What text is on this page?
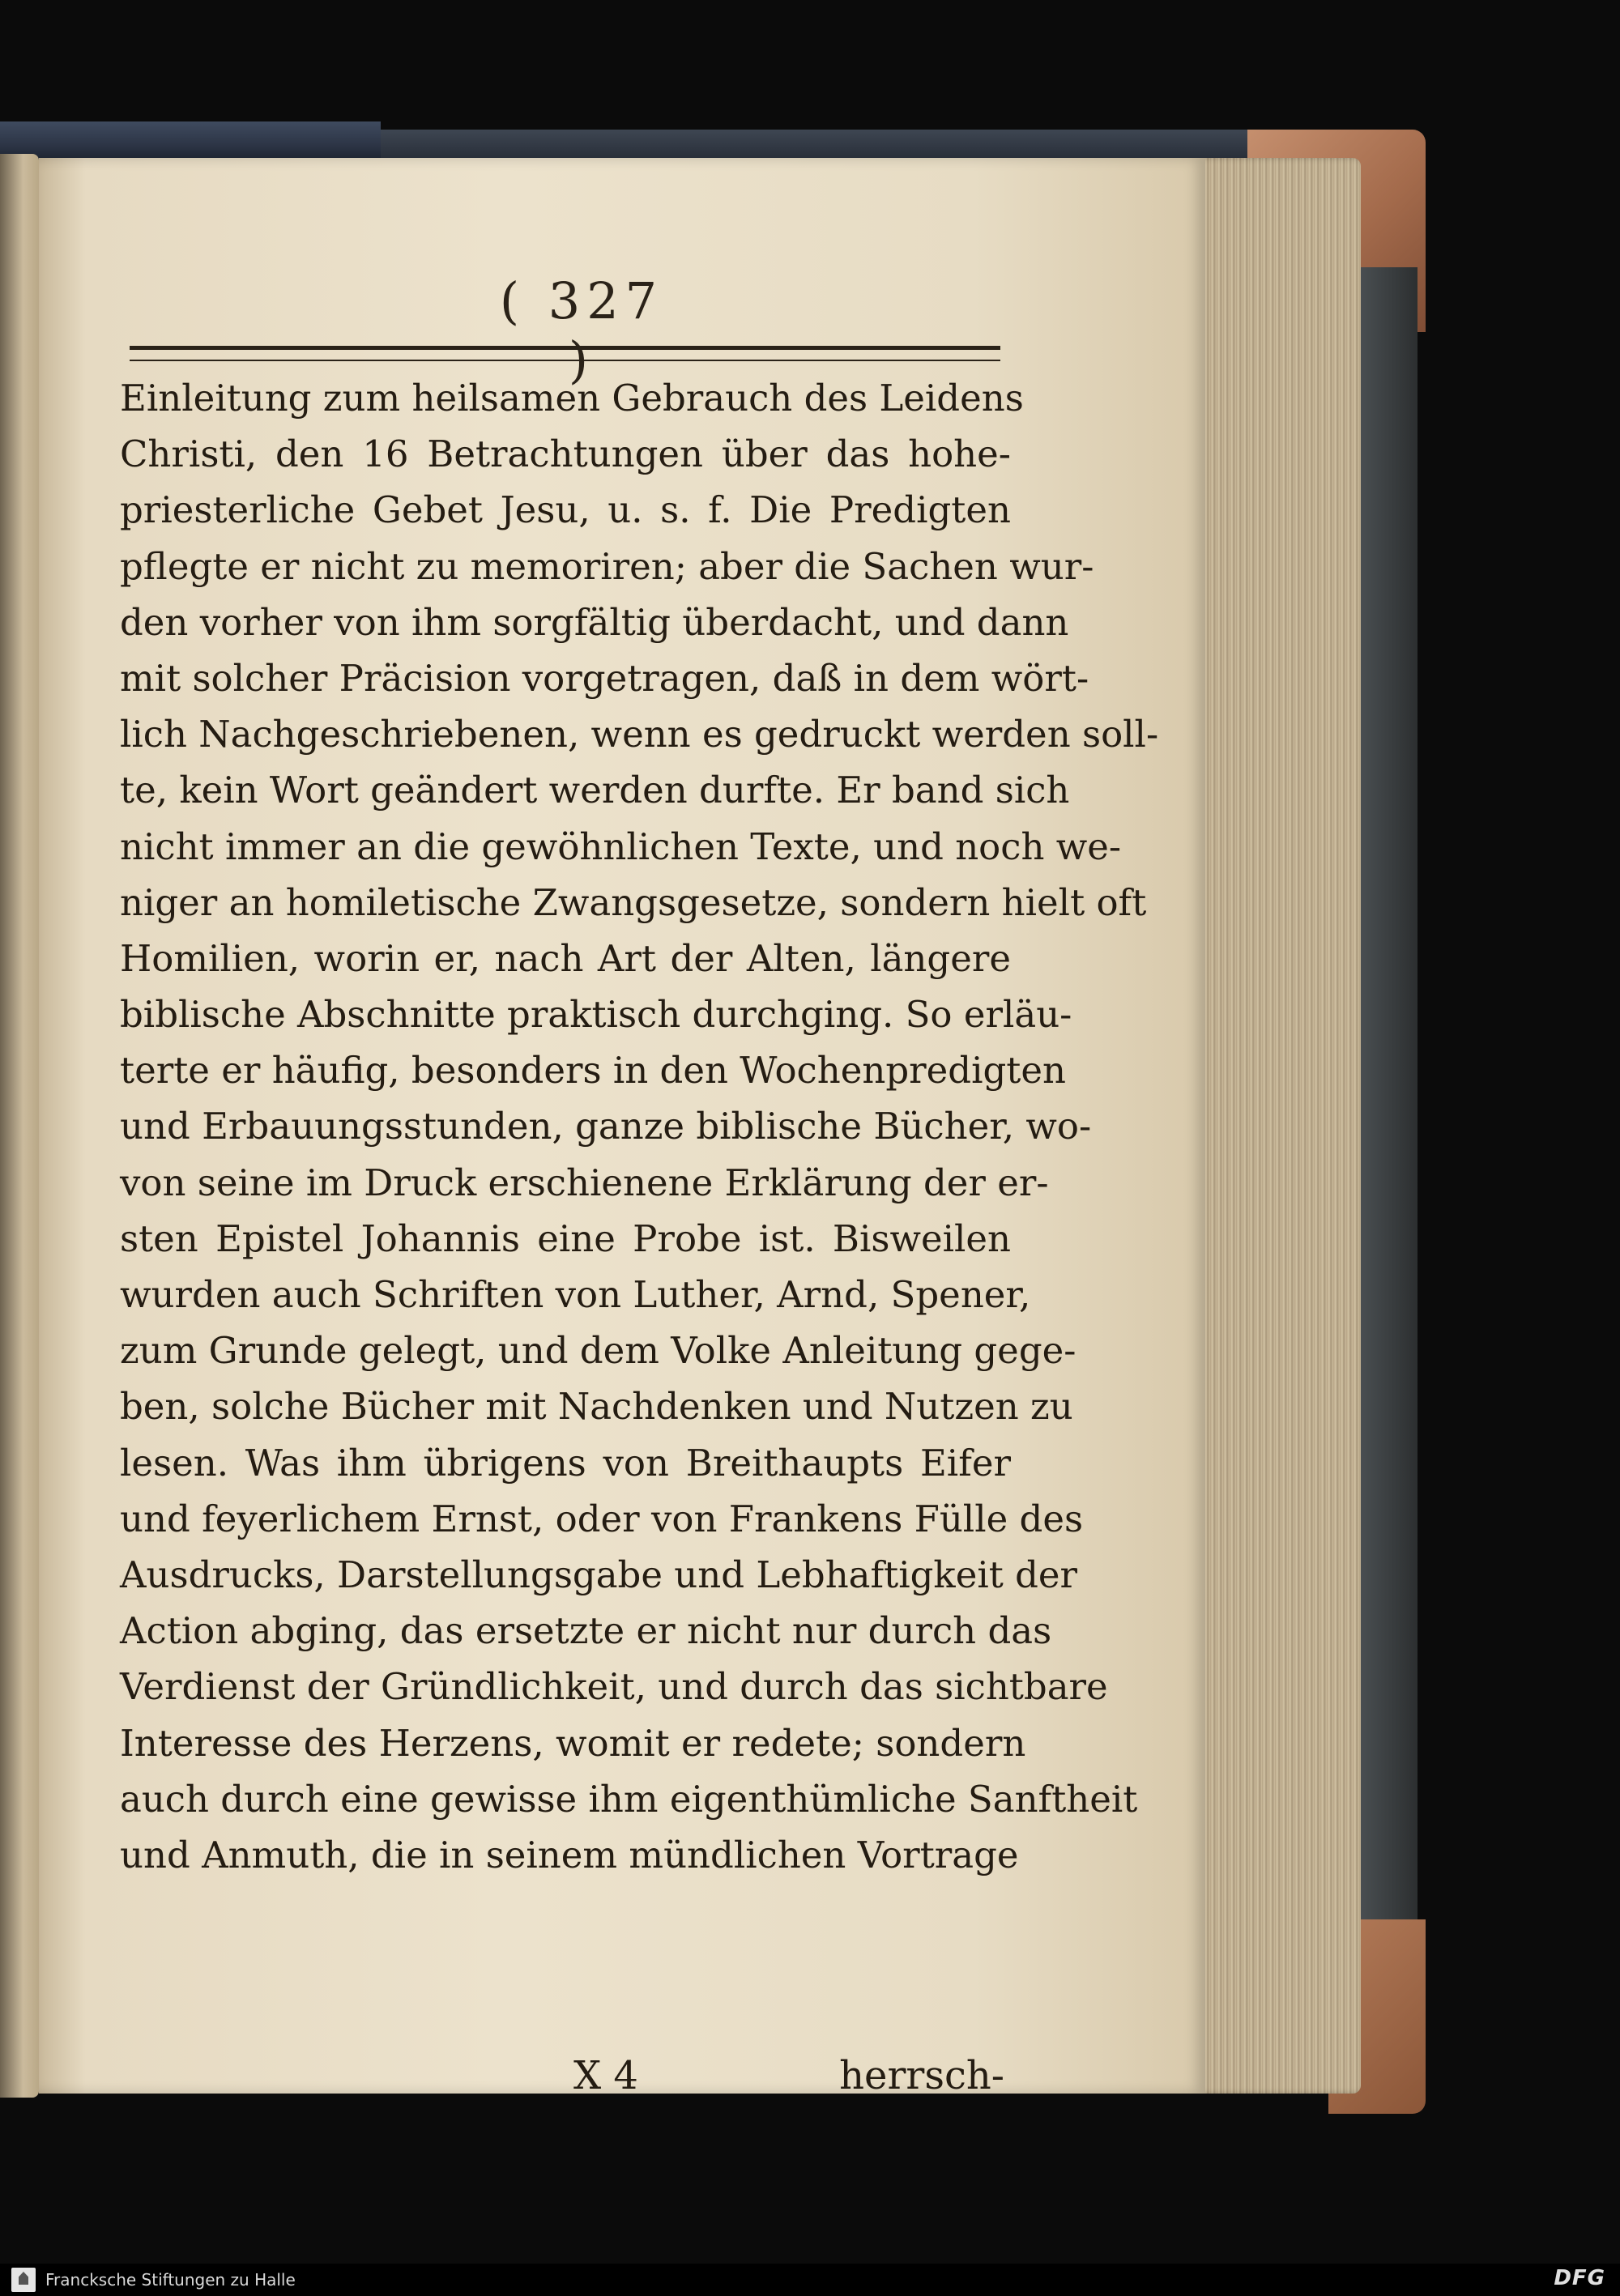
( 327 )
Einleitung zum heilsamen Gebrauch des Leidens
Christi, den 16 Betrachtungen über das hohe-
priesterliche Gebet Jesu, u. s. f. Die Predigten
pflegte er nicht zu memoriren; aber die Sachen wur-
den vorher von ihm sorgfältig überdacht, und dann
mit solcher Präcision vorgetragen, daß in dem wört-
lich Nachgeschriebenen, wenn es gedruckt werden soll-
te, kein Wort geändert werden durfte. Er band sich
nicht immer an die gewöhnlichen Texte, und noch we-
niger an homiletische Zwangsgesetze, sondern hielt oft
Homilien, worin er, nach Art der Alten, längere
biblische Abschnitte praktisch durchging. So erläu-
terte er häufig, besonders in den Wochenpredigten
und Erbauungsstunden, ganze biblische Bücher, wo-
von seine im Druck erschienene Erklärung der er-
sten Epistel Johannis eine Probe ist. Bisweilen
wurden auch Schriften von Luther, Arnd, Spener,
zum Grunde gelegt, und dem Volke Anleitung gege-
ben, solche Bücher mit Nachdenken und Nutzen zu
lesen. Was ihm übrigens von Breithaupts Eifer
und feyerlichem Ernst, oder von Frankens Fülle des
Ausdrucks, Darstellungsgabe und Lebhaftigkeit der
Action abging, das ersetzte er nicht nur durch das
Verdienst der Gründlichkeit, und durch das sichtbare
Interesse des Herzens, womit er redete; sondern
auch durch eine gewisse ihm eigenthümliche Sanftheit
und Anmuth, die in seinem mündlichen Vortrage
X 4	herrsch-
Francksche Stiftungen zu Halle	DFG
